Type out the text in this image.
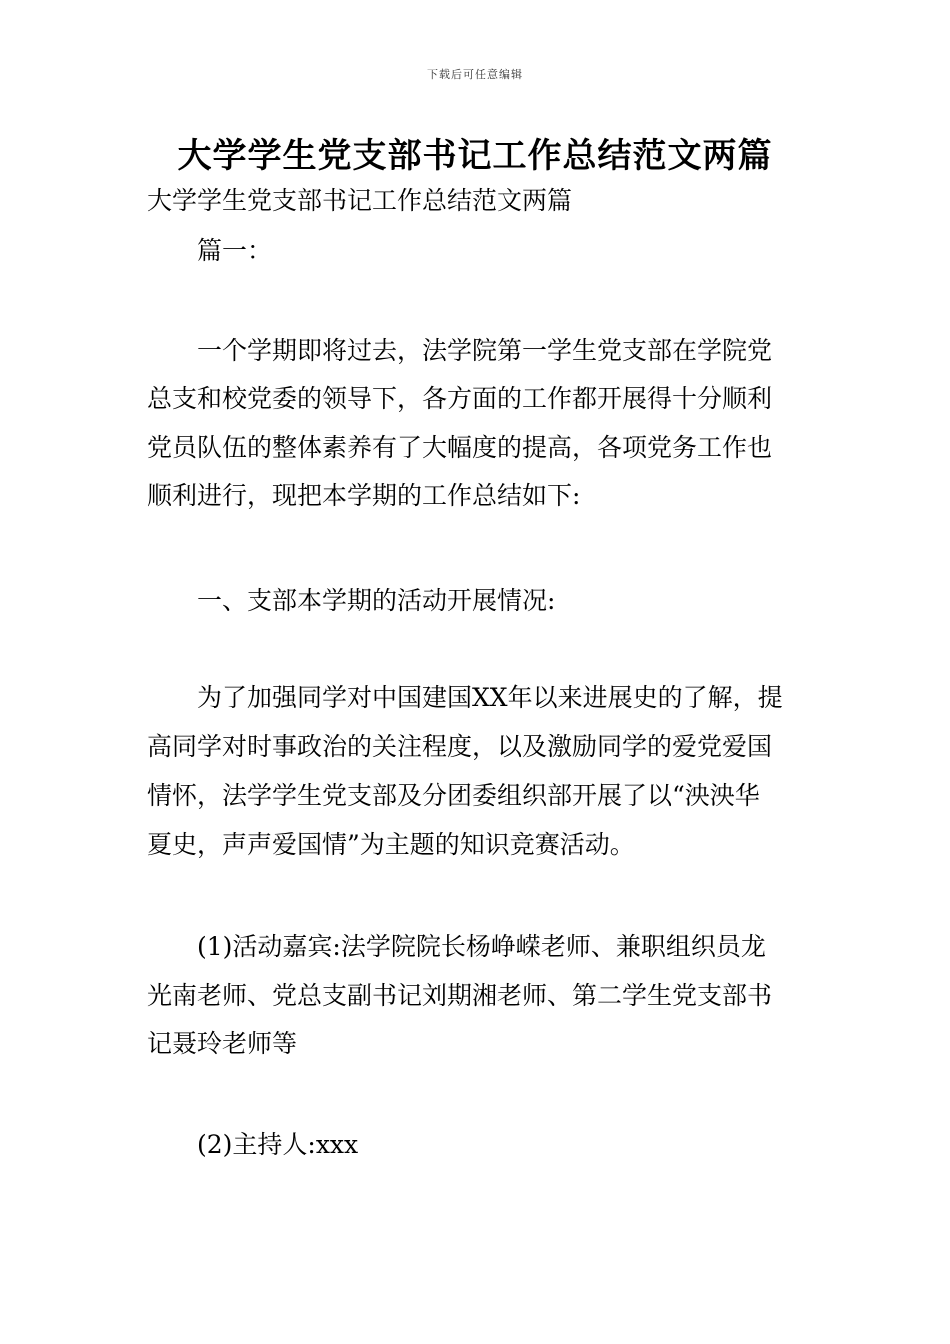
下载后可任意编辑
大学学生党支部书记工作总结范文两篇
大学学生党支部书记工作总结范文两篇
篇一：
一个学期即将过去，法学院第一学生党支部在学院党
总支和校党委的领导下，各方面的工作都开展得十分顺利
党员队伍的整体素养有了大幅度的提高，各项党务工作也
顺利进行，现把本学期的工作总结如下:
一、支部本学期的活动开展情况:
为了加强同学对中国建国XX年以来进展史的了解，提
高同学对时事政治的关注程度，以及激励同学的爱党爱国
情怀，法学学生党支部及分团委组织部开展了以“泱泱华
夏史，声声爱国情”为主题的知识竞赛活动。
(1)活动嘉宾:法学院院长杨峥嵘老师、兼职组织员龙
光南老师、党总支副书记刘期湘老师、第二学生党支部书
记聂玲老师等
(2)主持人:xxx
